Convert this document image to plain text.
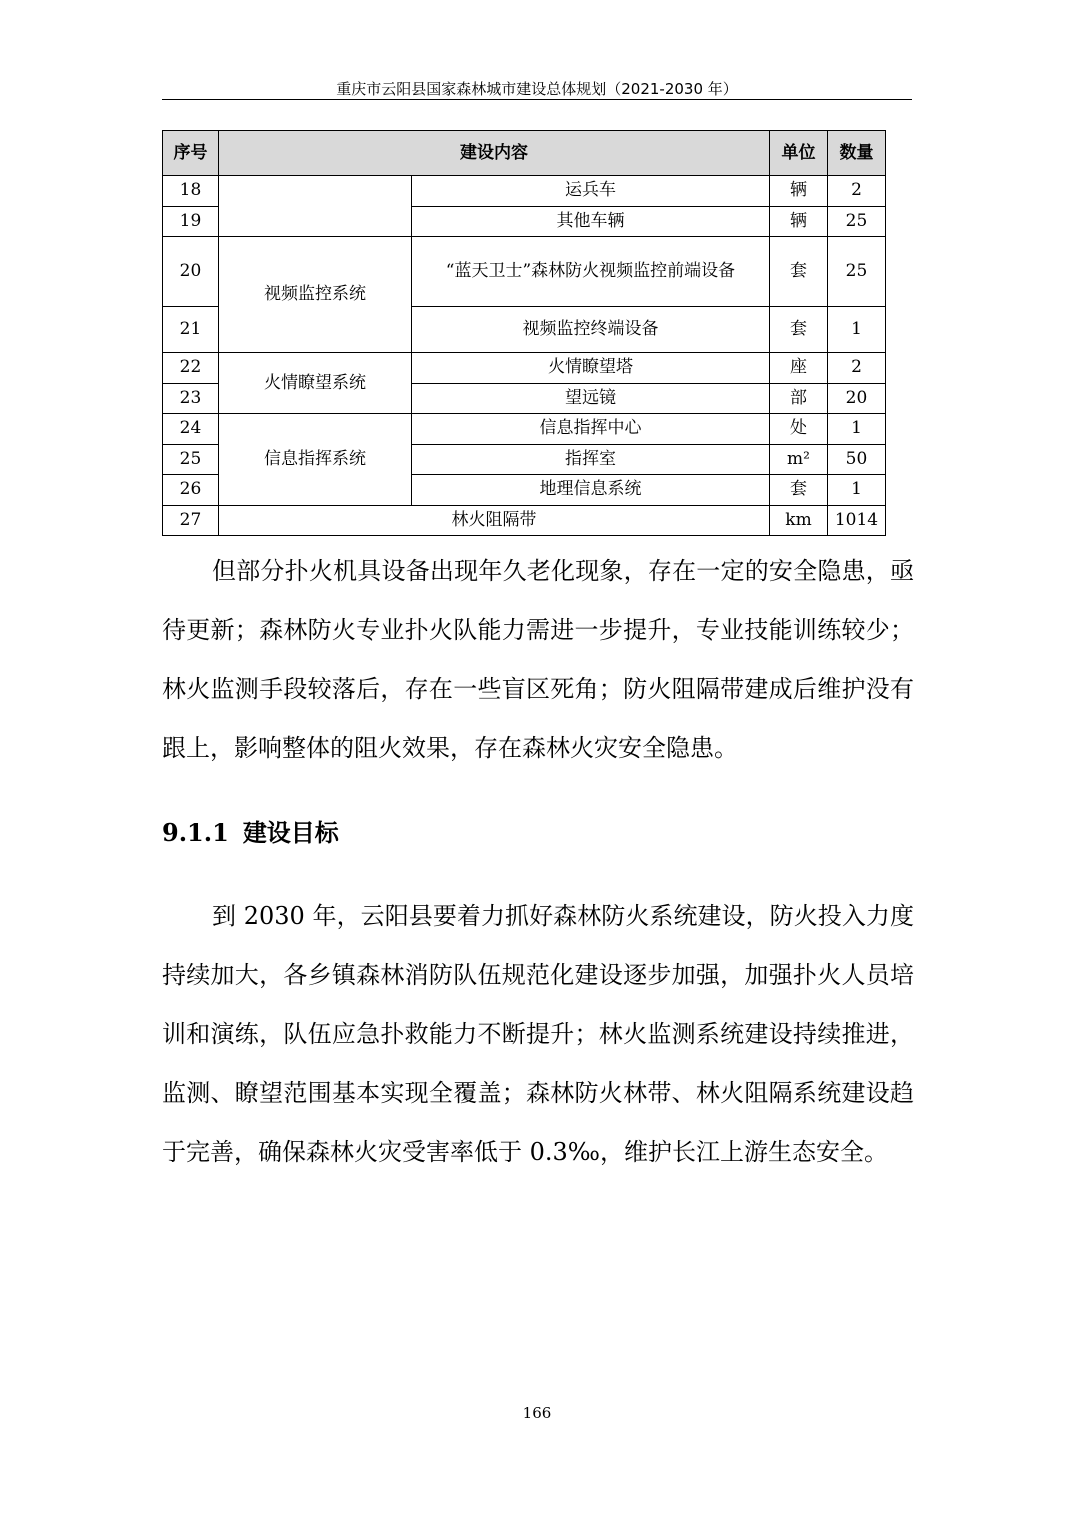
重庆市云阳县国家森林城市建设总体规划（2021-2030 年）
序号	建设内容		单位	数量
18		运兵车	辆	2
19		其他车辆	辆	25
20	视频监控系统	“蓝天卫士”森林防火视频监控前端设备	套	25
21		视频监控终端设备	套	1
22	火情瞭望系统	火情瞭望塔	座	2
23		望远镜	部	20
24	信息指挥系统	信息指挥中心	处	1
25		指挥室	m²	50
26		地理信息系统	套	1
27	林火阻隔带		km	1014

但部分扑火机具设备出现年久老化现象，存在一定的安全隐患，亟待更新；森林防火专业扑火队能力需进一步提升，专业技能训练较少；林火监测手段较落后，存在一些盲区死角；防火阻隔带建成后维护没有跟上，影响整体的阻火效果，存在森林火灾安全隐患。

9.1.1 建设目标

到 2030 年，云阳县要着力抓好森林防火系统建设，防火投入力度持续加大，各乡镇森林消防队伍规范化建设逐步加强，加强扑火人员培训和演练，队伍应急扑救能力不断提升；林火监测系统建设持续推进，监测、瞭望范围基本实现全覆盖；森林防火林带、林火阻隔系统建设趋于完善，确保森林火灾受害率低于 0.3‰，维护长江上游生态安全。

166
